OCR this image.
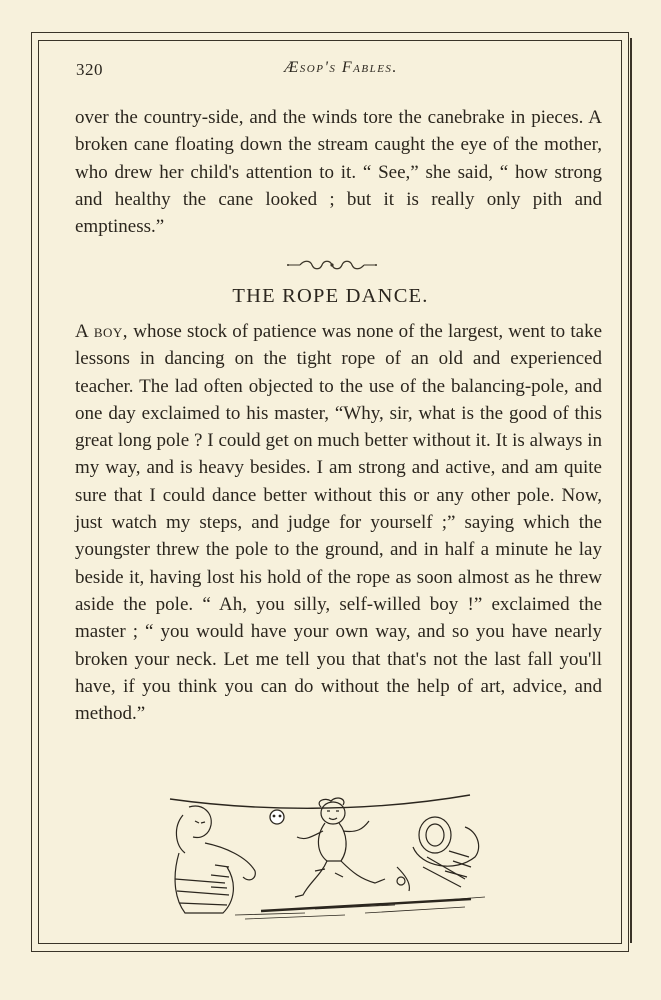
320	Æsop's Fables.
over the country-side, and the winds tore the canebrake in pieces. A broken cane floating down the stream caught the eye of the mother, who drew her child's attention to it. “ See,” she said, “ how strong and healthy the cane looked ; but it is really only pith and emptiness.”
THE ROPE DANCE.
A boy, whose stock of patience was none of the largest, went to take lessons in dancing on the tight rope of an old and experienced teacher. The lad often objected to the use of the balancing-pole, and one day exclaimed to his master, “Why, sir, what is the good of this great long pole ? I could get on much better without it. It is always in my way, and is heavy besides. I am strong and active, and am quite sure that I could dance better without this or any other pole. Now, just watch my steps, and judge for yourself ;” saying which the youngster threw the pole to the ground, and in half a minute he lay beside it, having lost his hold of the rope as soon almost as he threw aside the pole. “ Ah, you silly, self-willed boy !” exclaimed the master ; “ you would have your own way, and so you have nearly broken your neck. Let me tell you that that's not the last fall you'll have, if you think you can do without the help of art, advice, and method.”
